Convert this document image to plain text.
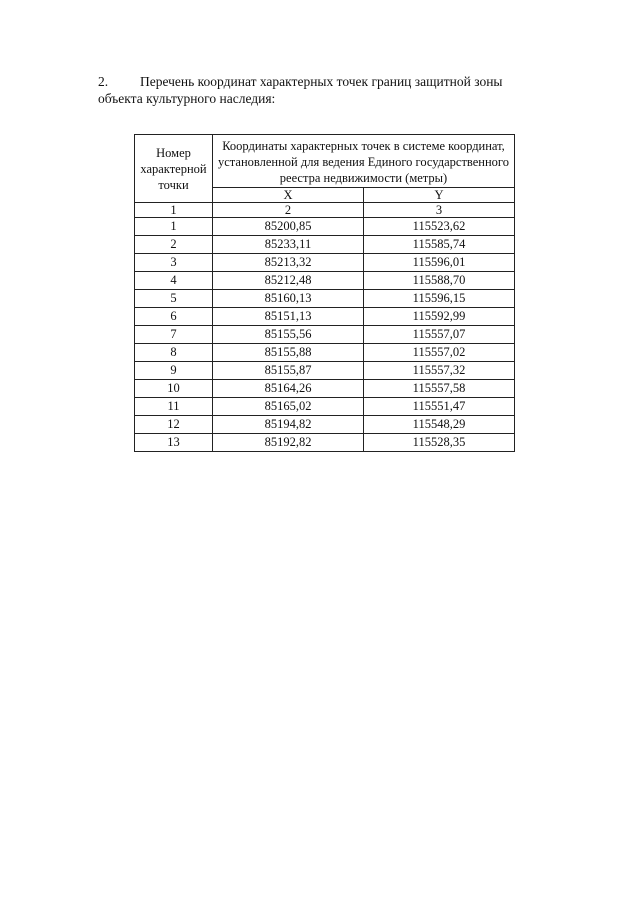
2. Перечень координат характерных точек границ защитной зоны объекта культурного наследия:
Номер характерной точки	Координаты характерных точек в системе координат, установленной для ведения Единого государственного реестра недвижимости (метры)	
	X	Y
1	2	3
1	85200,85	115523,62
2	85233,11	115585,74
3	85213,32	115596,01
4	85212,48	115588,70
5	85160,13	115596,15
6	85151,13	115592,99
7	85155,56	115557,07
8	85155,88	115557,02
9	85155,87	115557,32
10	85164,26	115557,58
11	85165,02	115551,47
12	85194,82	115548,29
13	85192,82	115528,35
